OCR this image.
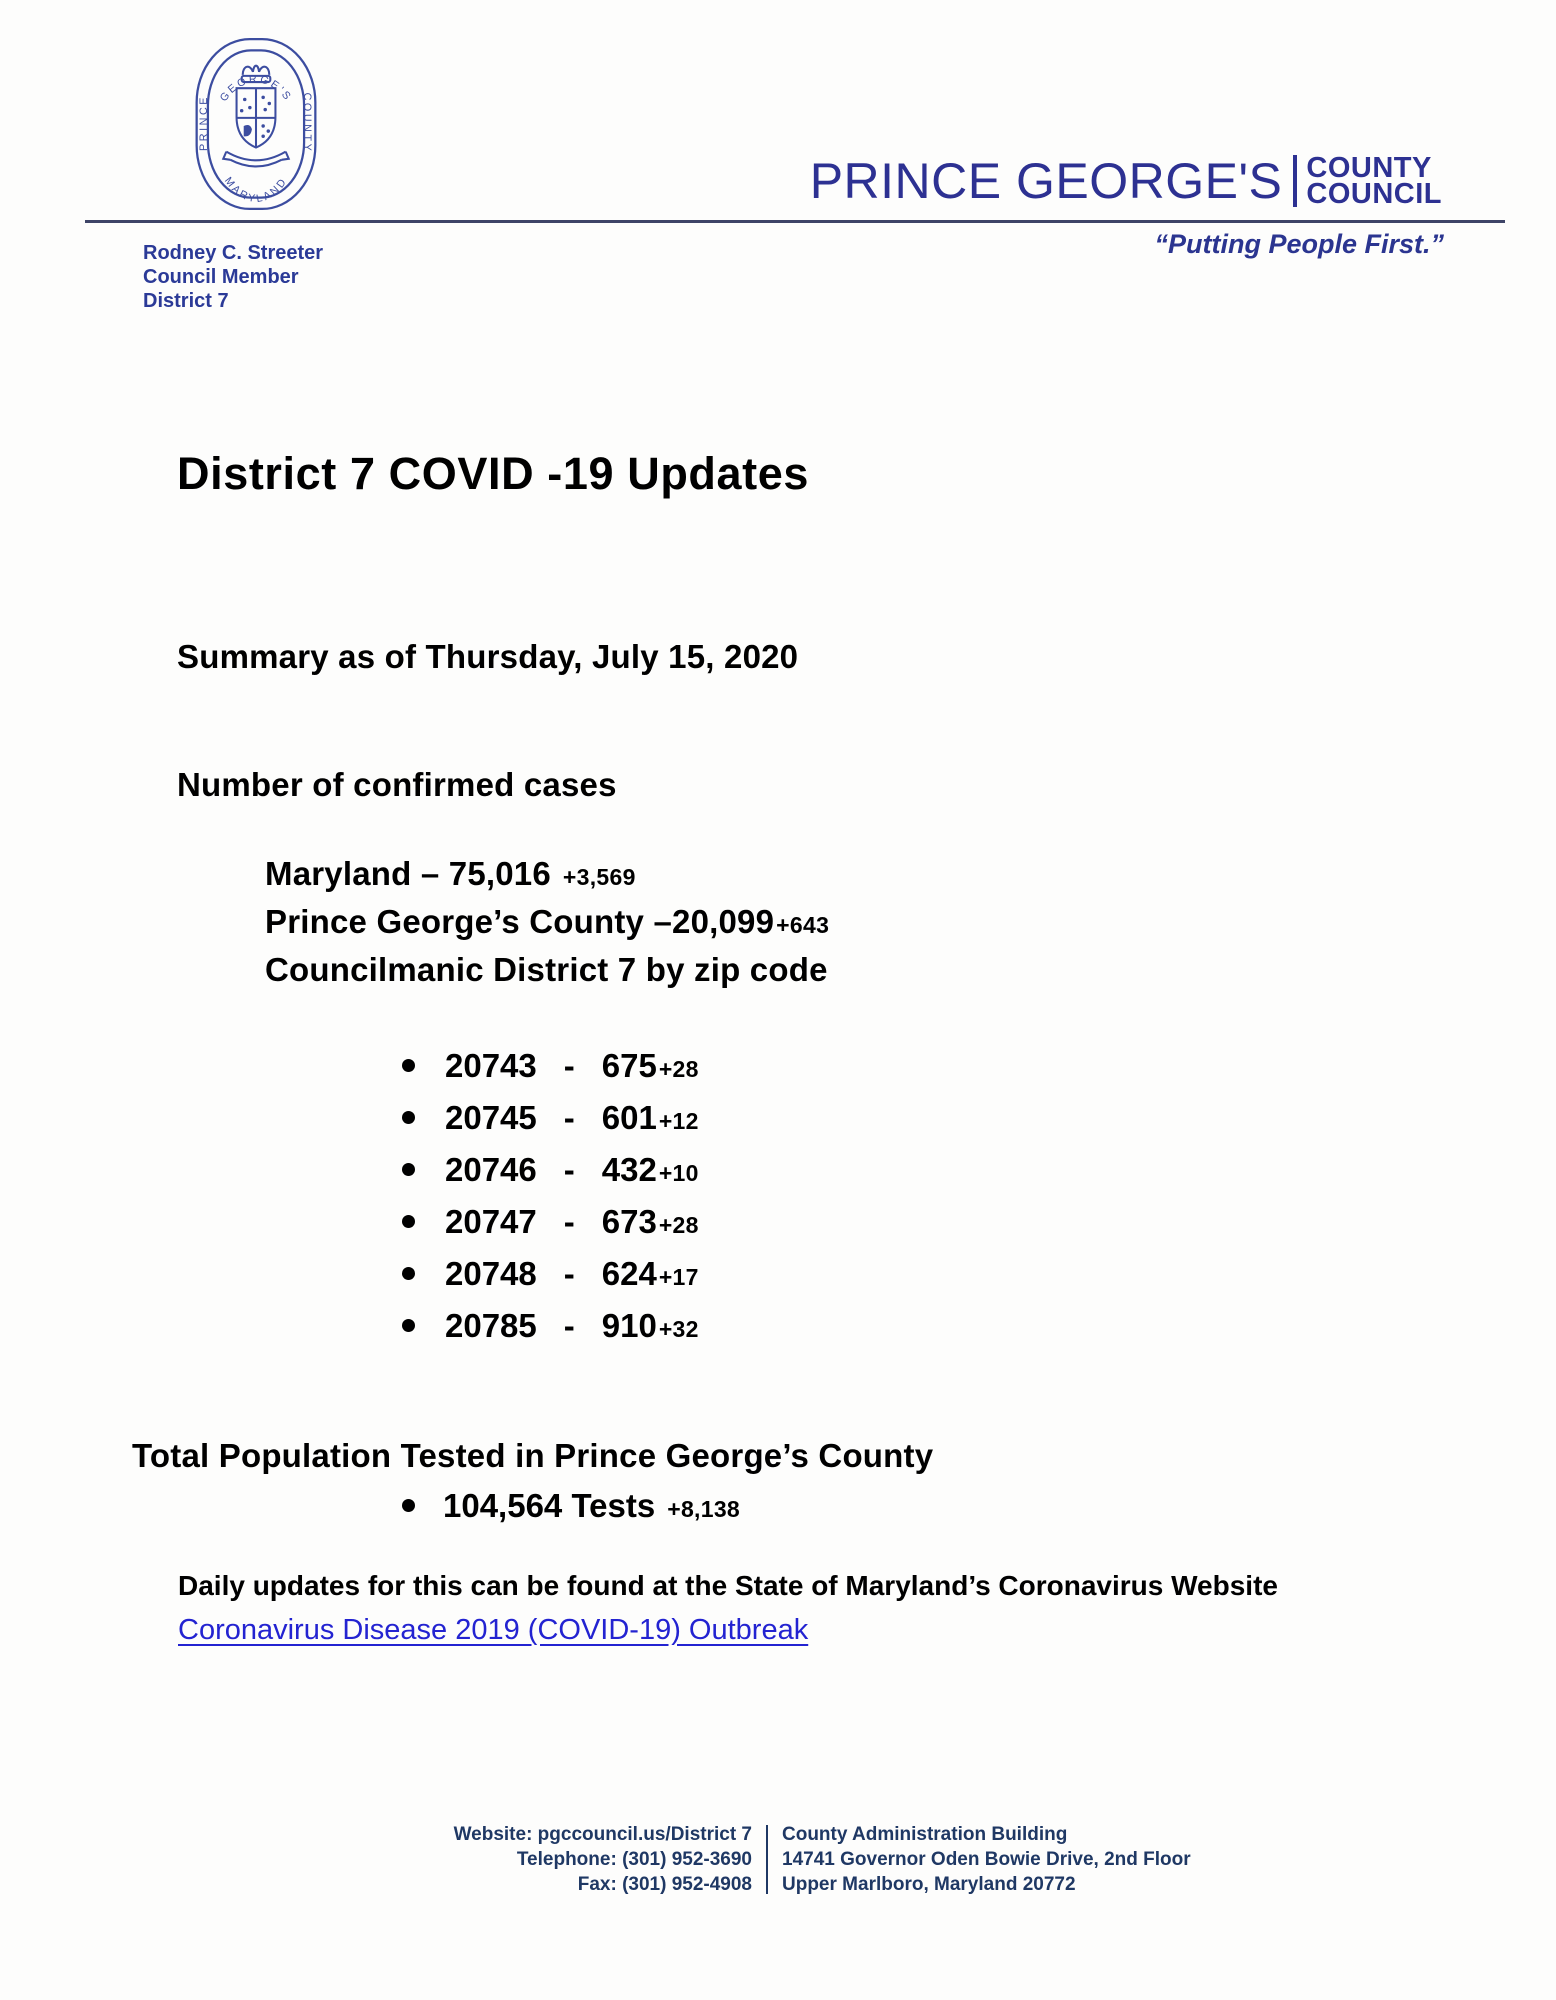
GEORGE'S
MARYLAND
PRINCE	COUNTY
PRINCE GEORGE'S COUNTY
COUNCIL
“Putting People First.”
Rodney C. Streeter
Council Member
District 7
District 7 COVID -19 Updates
Summary as of Thursday, July 15, 2020
Number of confirmed cases
Maryland – 75,016 +3,569
Prince George’s County –20,099+643
Councilmanic District 7 by zip code
20743 - 675+28
20745 - 601+12
20746 - 432+10
20747 - 673+28
20748 - 624+17
20785 - 910+32
Total Population Tested in Prince George’s County
104,564 Tests +8,138
Daily updates for this can be found at the State of Maryland’s Coronavirus Website
Coronavirus Disease 2019 (COVID-19) Outbreak
Website: pgccouncil.us/District 7
Telephone: (301) 952-3690
Fax: (301) 952-4908
County Administration Building
14741 Governor Oden Bowie Drive, 2nd Floor
Upper Marlboro, Maryland 20772
